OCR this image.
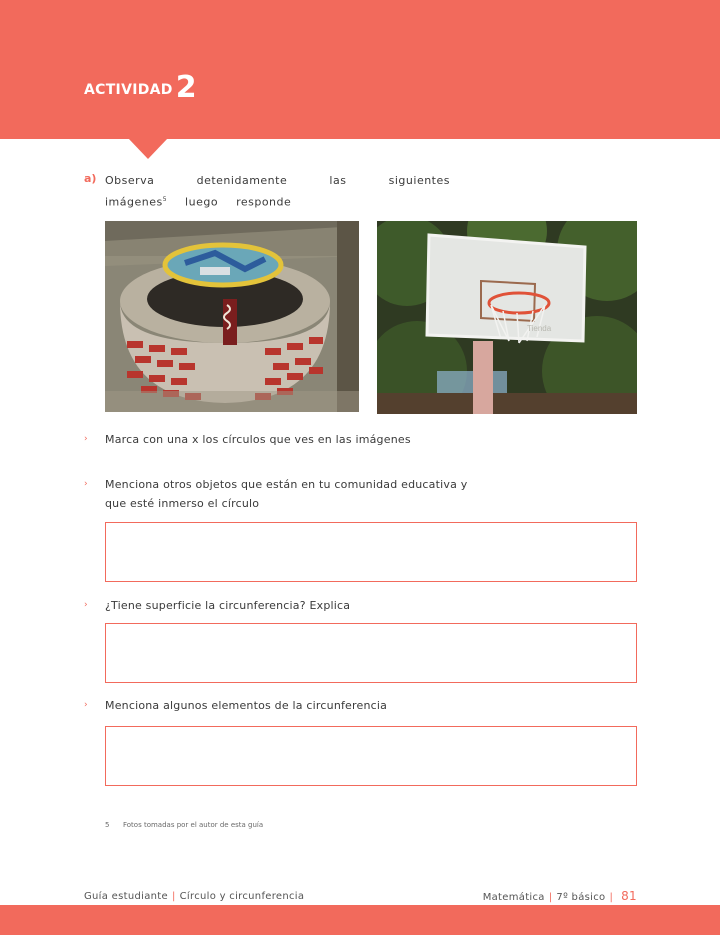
ACTIVIDAD 2
a) Observa detenidamente las siguientes imágenes$^5$ luego responde
Tienda
› Marca con una x los círculos que ves en las imágenes
› Menciona otros objetos que están en tu comunidad educativa y
que esté inmerso el círculo
› ¿Tiene superficie la circunferencia? Explica
› Menciona algunos elementos de la circunferencia
5 Fotos tomadas por el autor de esta guía
Guía estudiante | Círculo y circunferencia	Matemática | 7º básico | 81
